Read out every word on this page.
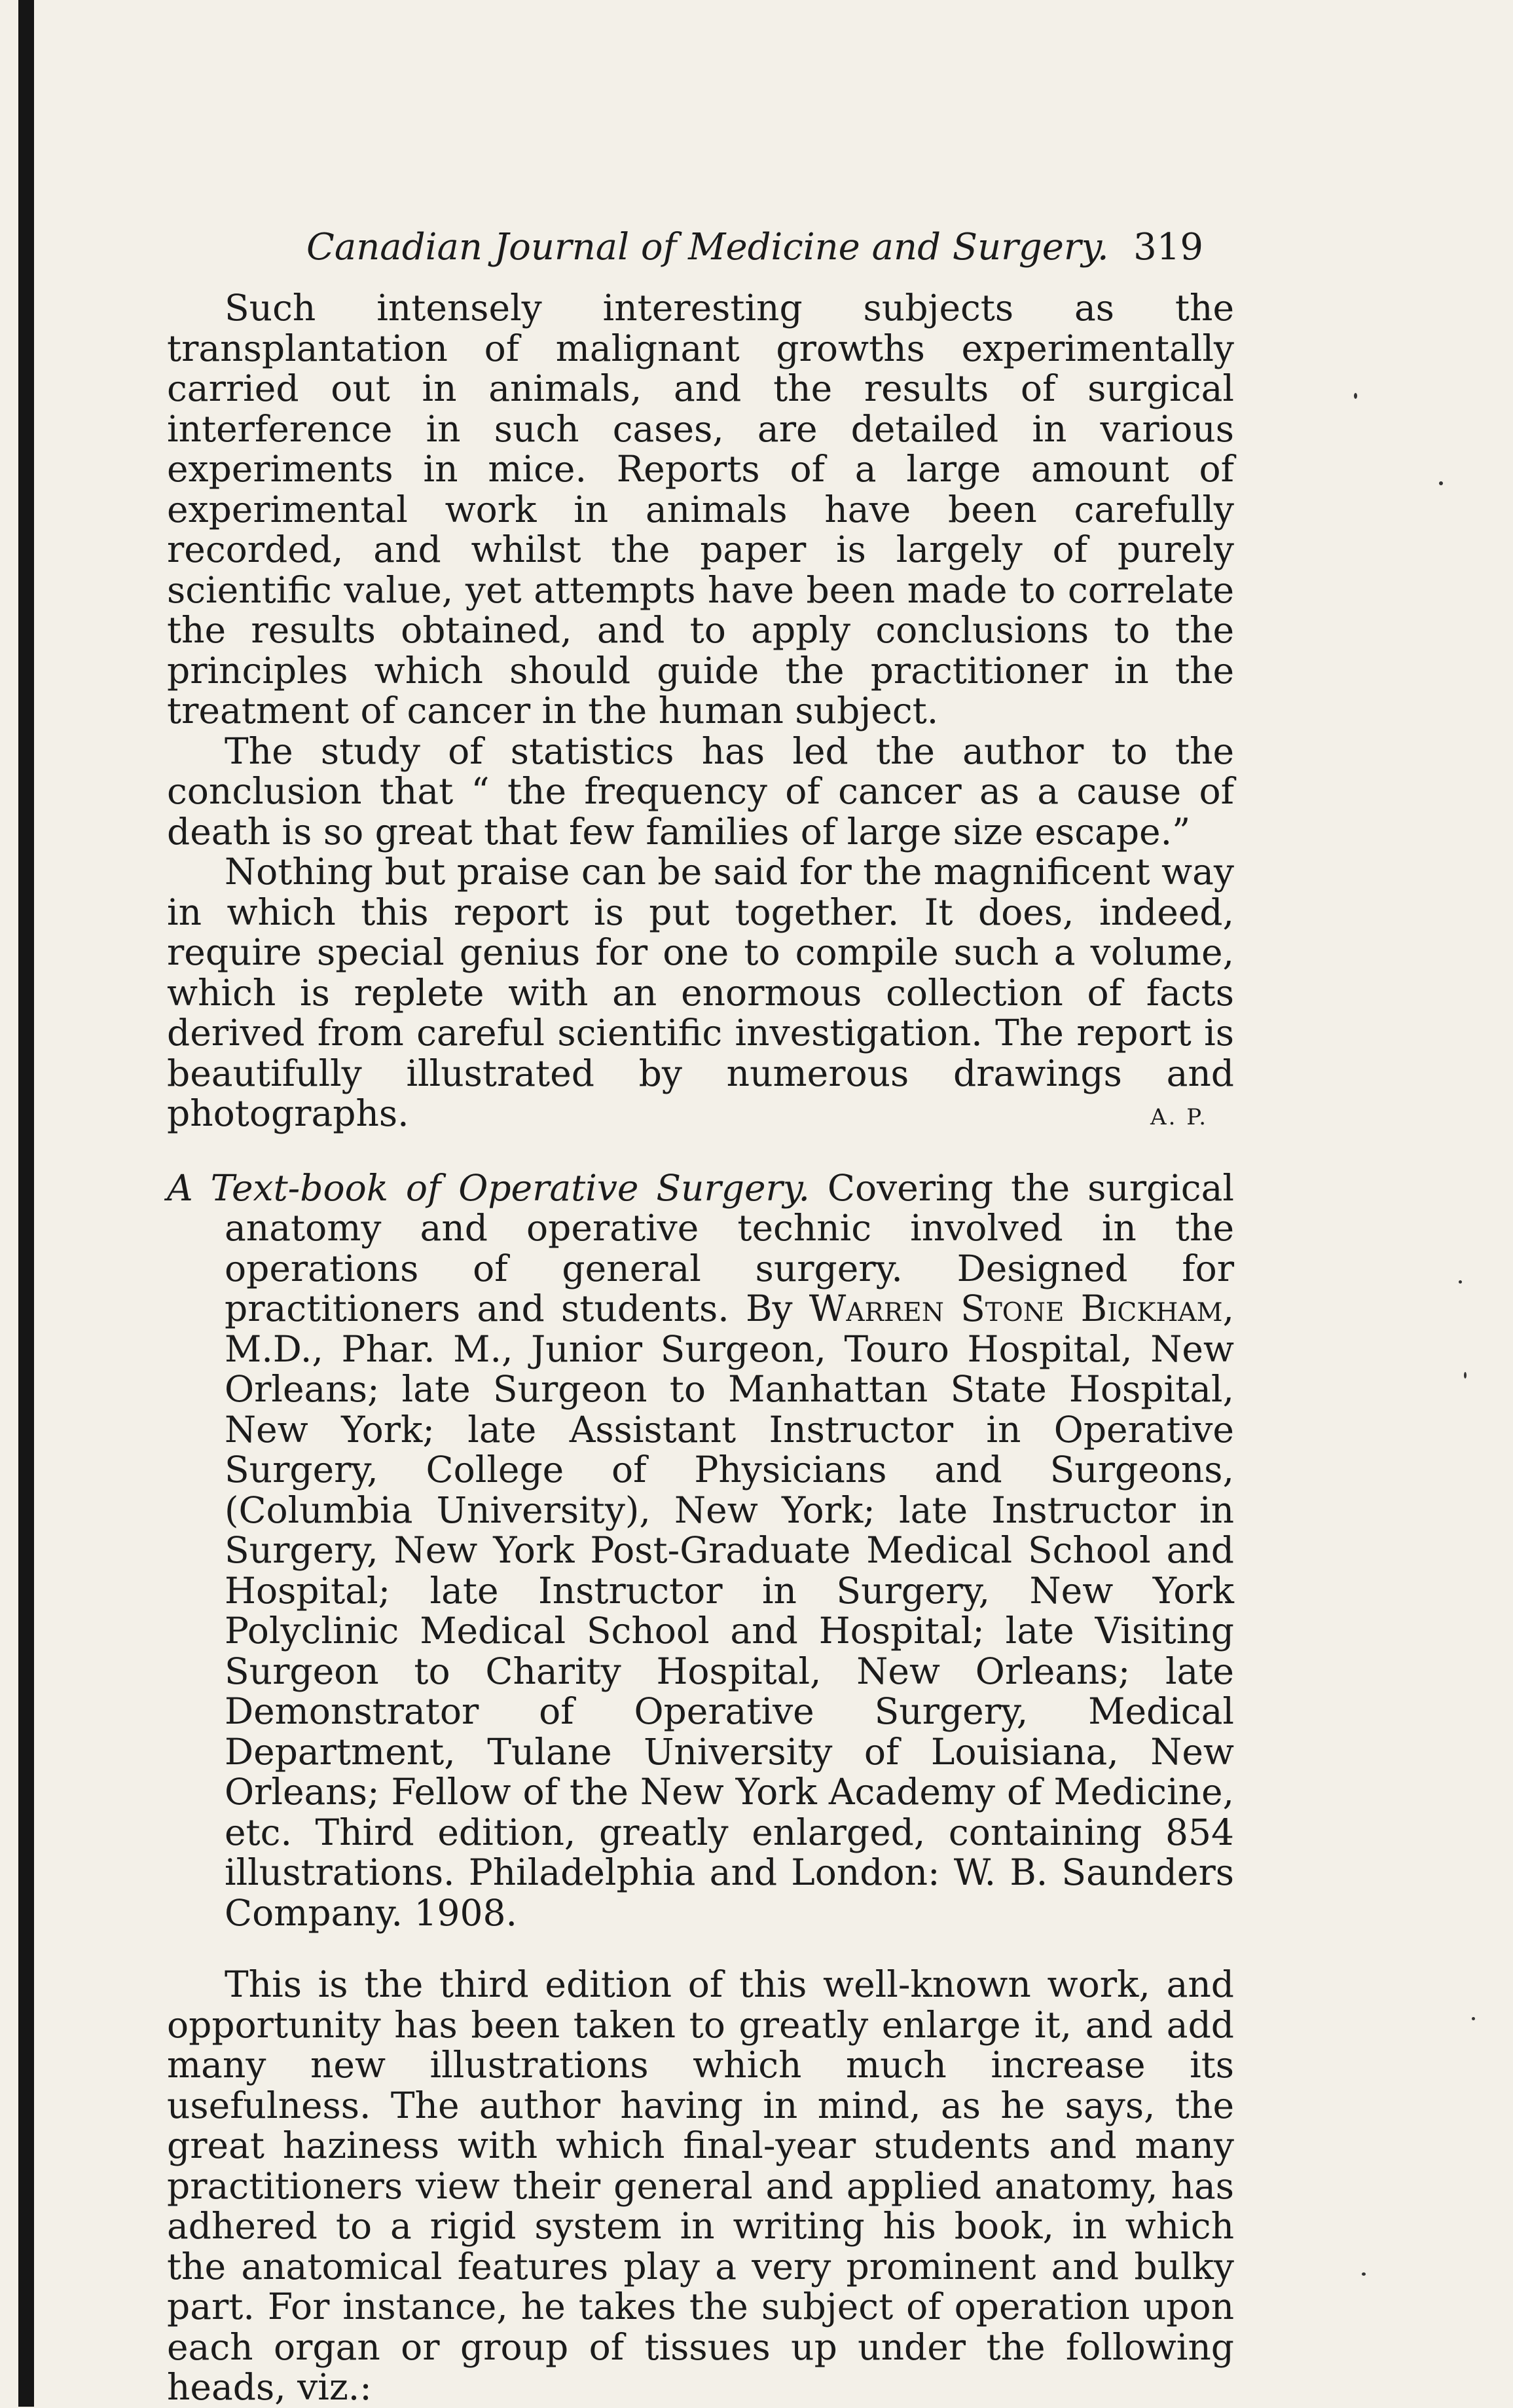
Canadian Journal of Medicine and Surgery. 319

Such intensely interesting subjects as the transplantation of malignant growths experimentally carried out in animals, and the results of surgical interference in such cases, are detailed in various experiments in mice. Reports of a large amount of experimental work in animals have been carefully recorded, and whilst the paper is largely of purely scientific value, yet attempts have been made to correlate the results obtained, and to apply conclusions to the principles which should guide the practitioner in the treatment of cancer in the human subject.

The study of statistics has led the author to the conclusion that “ the frequency of cancer as a cause of death is so great that few families of large size escape.”

Nothing but praise can be said for the magnificent way in which this report is put together. It does, indeed, require special genius for one to compile such a volume, which is replete with an enormous collection of facts derived from careful scientific investigation. The report is beautifully illustrated by numerous drawings and photographs.	A. P.

A Text-book of Operative Surgery. Covering the surgical anatomy and operative technic involved in the operations of general surgery. Designed for practitioners and students. By Warren Stone Bickham, M.D., Phar. M., Junior Surgeon, Touro Hospital, New Orleans; late Surgeon to Manhattan State Hospital, New York; late Assistant Instructor in Operative Surgery, College of Physicians and Surgeons, (Columbia University), New York; late Instructor in Surgery, New York Post-Graduate Medical School and Hospital; late Instructor in Surgery, New York Polyclinic Medical School and Hospital; late Visiting Surgeon to Charity Hospital, New Orleans; late Demonstrator of Operative Surgery, Medical Department, Tulane University of Louisiana, New Orleans; Fellow of the New York Academy of Medicine, etc. Third edition, greatly enlarged, containing 854 illustrations. Philadelphia and London: W. B. Saunders Company. 1908.

This is the third edition of this well-known work, and opportunity has been taken to greatly enlarge it, and add many new illustrations which much increase its usefulness. The author having in mind, as he says, the great haziness with which final-year students and many practitioners view their general and applied anatomy, has adhered to a rigid system in writing his book, in which the anatomical features play a very prominent and bulky part. For instance, he takes the subject of operation upon each organ or group of tissues up under the following heads, viz.:
